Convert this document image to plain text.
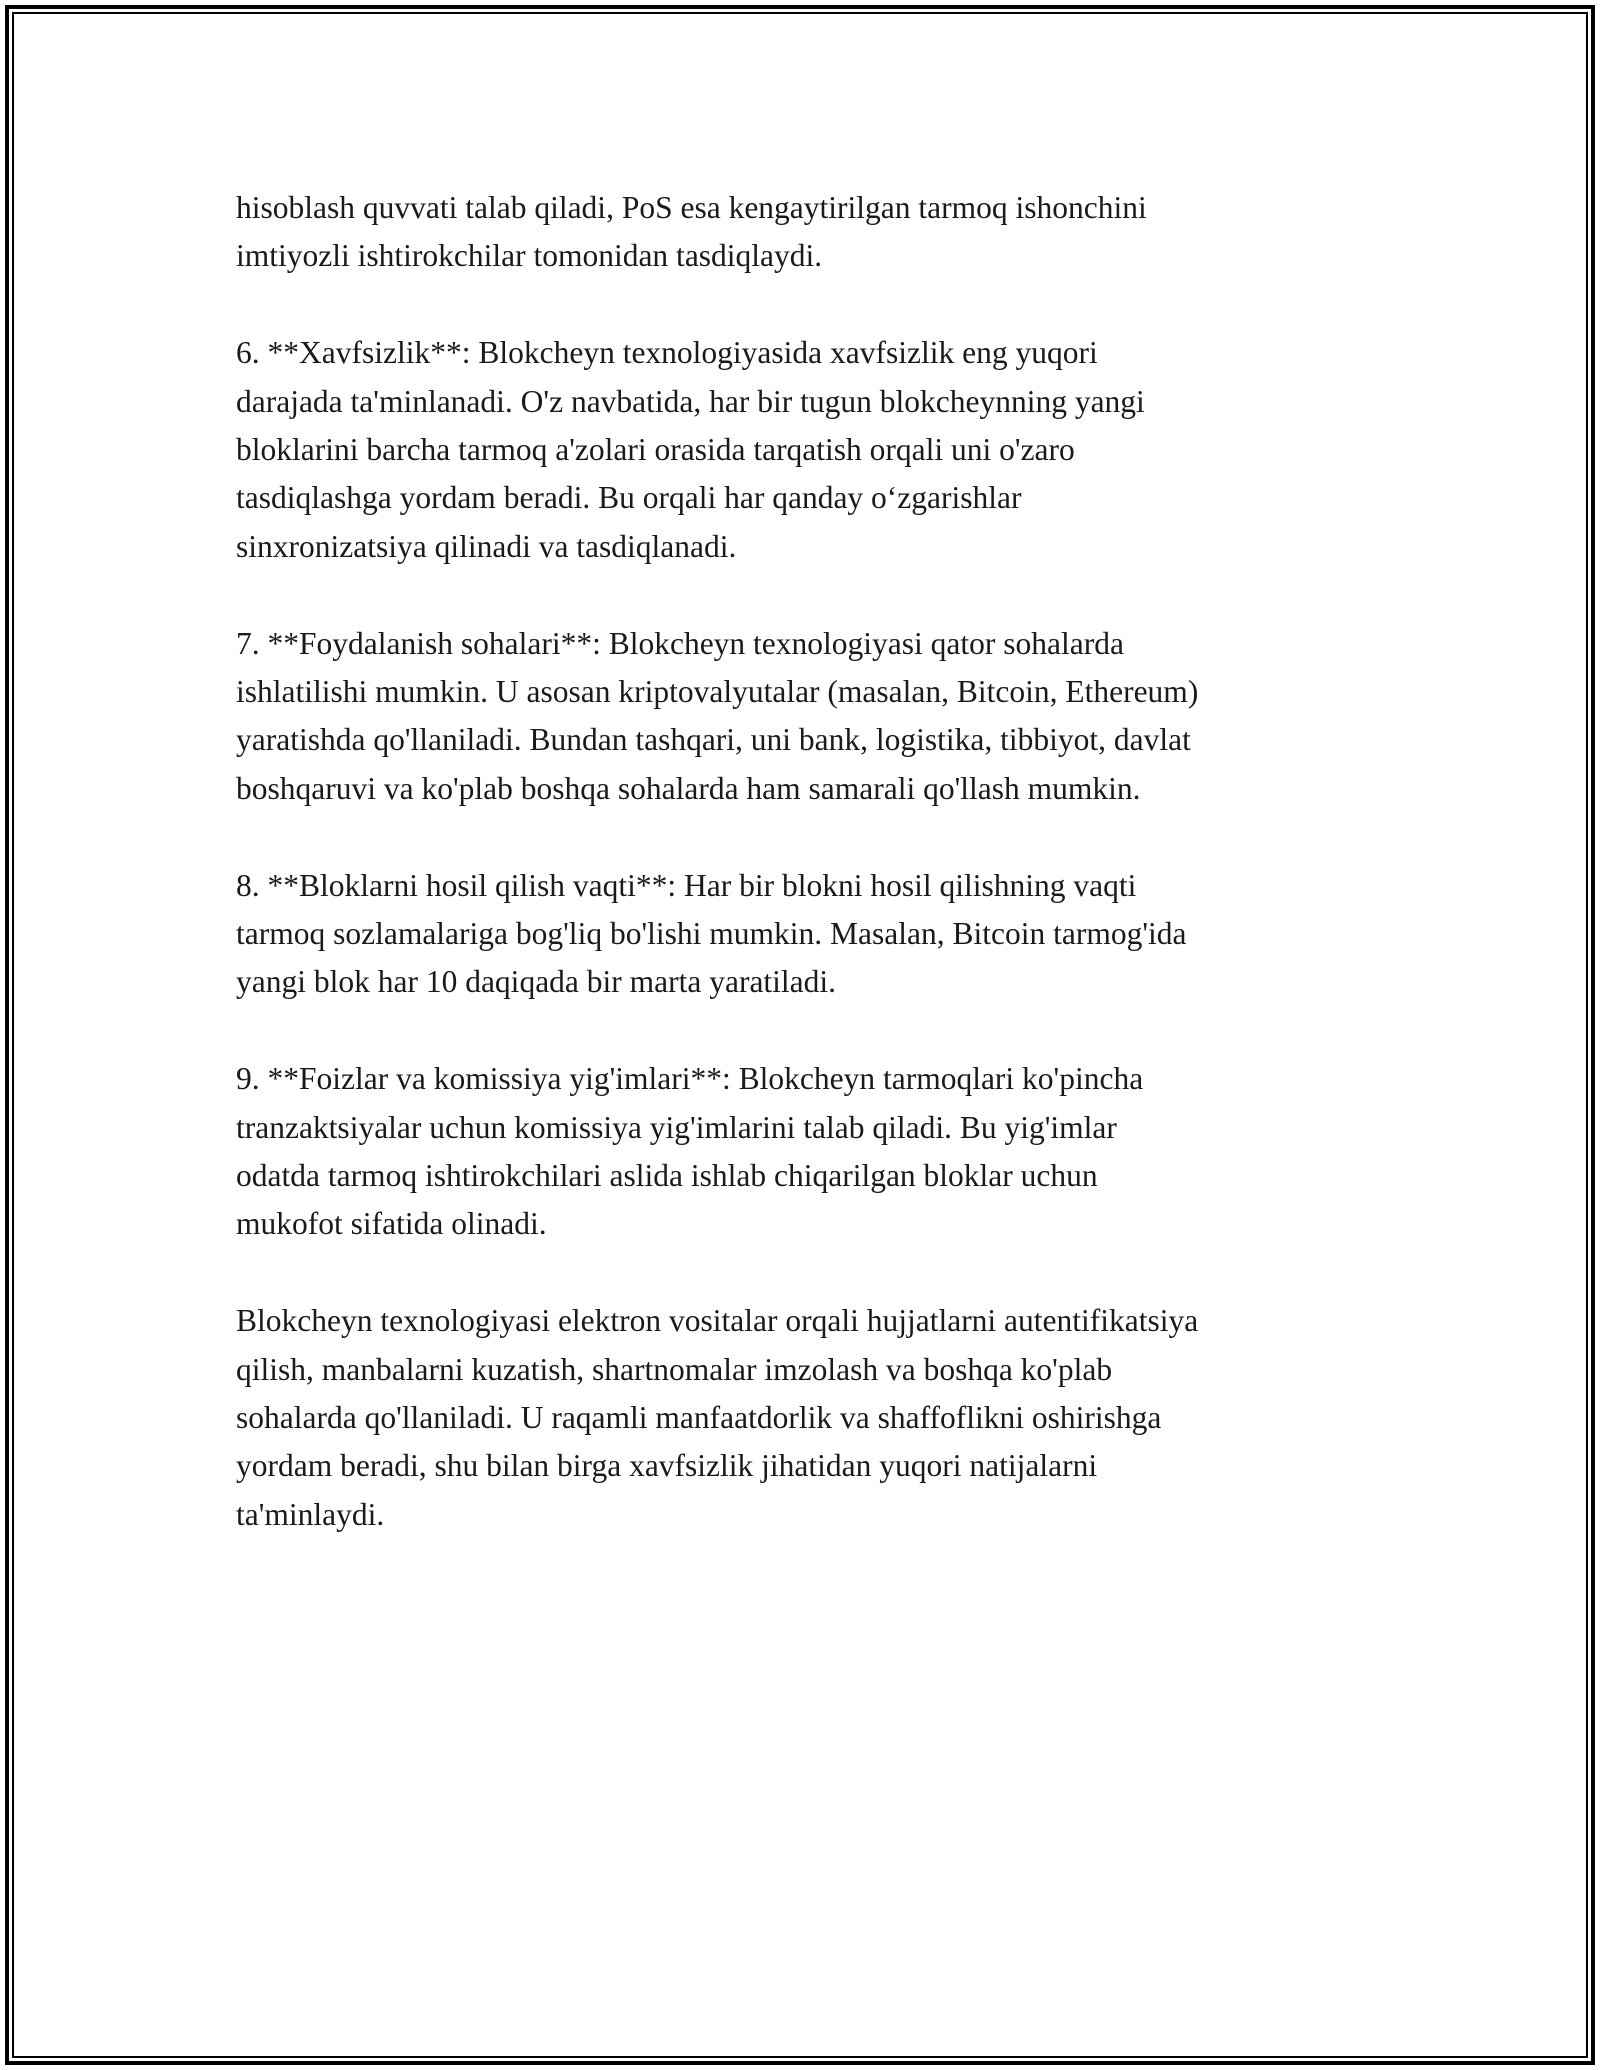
hisoblash quvvati talab qiladi, PoS esa kengaytirilgan tarmoq ishonchini
imtiyozli ishtirokchilar tomonidan tasdiqlaydi.

6. **Xavfsizlik**: Blokcheyn texnologiyasida xavfsizlik eng yuqori
darajada ta'minlanadi. O'z navbatida, har bir tugun blokcheynning yangi
bloklarini barcha tarmoq a'zolari orasida tarqatish orqali uni o'zaro
tasdiqlashga yordam beradi. Bu orqali har qanday o‘zgarishlar
sinxronizatsiya qilinadi va tasdiqlanadi.

7. **Foydalanish sohalari**: Blokcheyn texnologiyasi qator sohalarda
ishlatilishi mumkin. U asosan kriptovalyutalar (masalan, Bitcoin, Ethereum)
yaratishda qo'llaniladi. Bundan tashqari, uni bank, logistika, tibbiyot, davlat
boshqaruvi va ko'plab boshqa sohalarda ham samarali qo'llash mumkin.

8. **Bloklarni hosil qilish vaqti**: Har bir blokni hosil qilishning vaqti
tarmoq sozlamalariga bog'liq bo'lishi mumkin. Masalan, Bitcoin tarmog'ida
yangi blok har 10 daqiqada bir marta yaratiladi.

9. **Foizlar va komissiya yig'imlari**: Blokcheyn tarmoqlari ko'pincha
tranzaktsiyalar uchun komissiya yig'imlarini talab qiladi. Bu yig'imlar
odatda tarmoq ishtirokchilari aslida ishlab chiqarilgan bloklar uchun
mukofot sifatida olinadi.

Blokcheyn texnologiyasi elektron vositalar orqali hujjatlarni autentifikatsiya
qilish, manbalarni kuzatish, shartnomalar imzolash va boshqa ko'plab
sohalarda qo'llaniladi. U raqamli manfaatdorlik va shaffoflikni oshirishga
yordam beradi, shu bilan birga xavfsizlik jihatidan yuqori natijalarni
ta'minlaydi.
